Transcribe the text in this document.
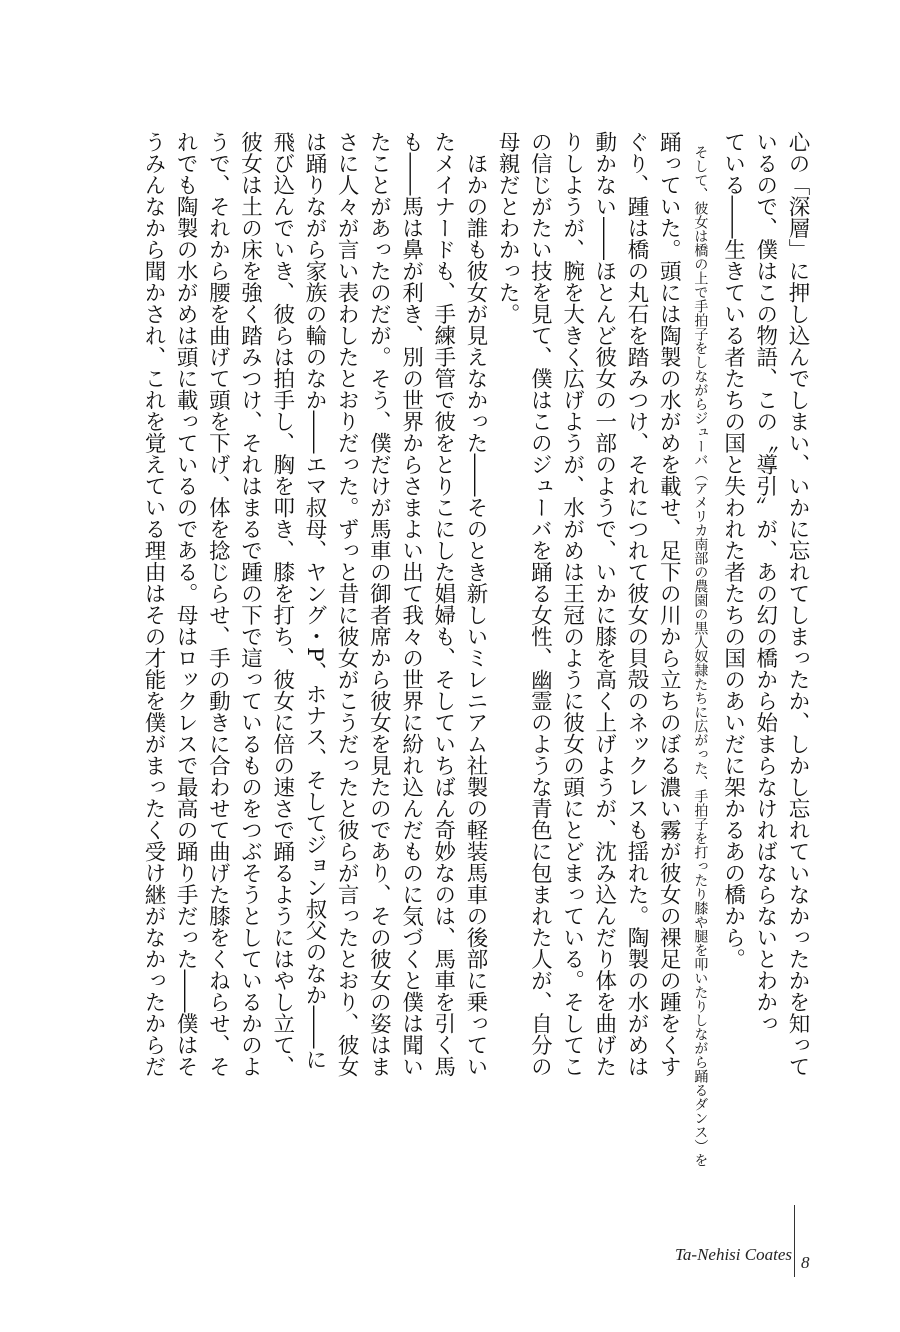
心の「深層」に押し込んでしまい、いかに忘れてしまったか、しかし忘れていなかったかを知って
いるので、僕はこの物語、この〝導引〟が、あの幻の橋から始まらなければならないとわかっ
ている――生きている者たちの国と失われた者たちの国のあいだに架かるあの橋から。
　そして、彼女は橋の上で手拍子をしながらジューバ（アメリカ南部の農園の黒人奴隷たちに広がった、手拍子を打ったり膝や腿を叩いたりしながら踊るダンス）を
踊っていた。頭には陶製の水がめを載せ、足下の川から立ちのぼる濃い霧が彼女の裸足の踵をくす
ぐり、踵は橋の丸石を踏みつけ、それにつれて彼女の貝殻のネックレスも揺れた。陶製の水がめは
動かない――ほとんど彼女の一部のようで、いかに膝を高く上げようが、沈み込んだり体を曲げた
りしようが、腕を大きく広げようが、水がめは王冠のように彼女の頭にとどまっている。そしてこ
の信じがたい技を見て、僕はこのジューバを踊る女性、幽霊のような青色に包まれた人が、自分の
母親だとわかった。
　ほかの誰も彼女が見えなかった――そのとき新しいミレニアム社製の軽装馬車の後部に乗ってい
たメイナードも、手練手管で彼をとりこにした娼婦も、そしていちばん奇妙なのは、馬車を引く馬
も――馬は鼻が利き、別の世界からさまよい出て我々の世界に紛れ込んだものに気づくと僕は聞い
たことがあったのだが。そう、僕だけが馬車の御者席から彼女を見たのであり、その彼女の姿はま
さに人々が言い表わしたとおりだった。ずっと昔に彼女がこうだったと彼らが言ったとおり、彼女
は踊りながら家族の輪のなか――エマ叔母、ヤング・P、ホナス、そしてジョン叔父のなか――に
飛び込んでいき、彼らは拍手し、胸を叩き、膝を打ち、彼女に倍の速さで踊るようにはやし立て、
彼女は土の床を強く踏みつけ、それはまるで踵の下で這っているものをつぶそうとしているかのよ
うで、それから腰を曲げて頭を下げ、体を捻じらせ、手の動きに合わせて曲げた膝をくねらせ、そ
れでも陶製の水がめは頭に載っているのである。母はロックレスで最高の踊り手だった――僕はそ
うみんなから聞かされ、これを覚えている理由はその才能を僕がまったく受け継がなかったからだ
Ta-Nehisi Coates 8
